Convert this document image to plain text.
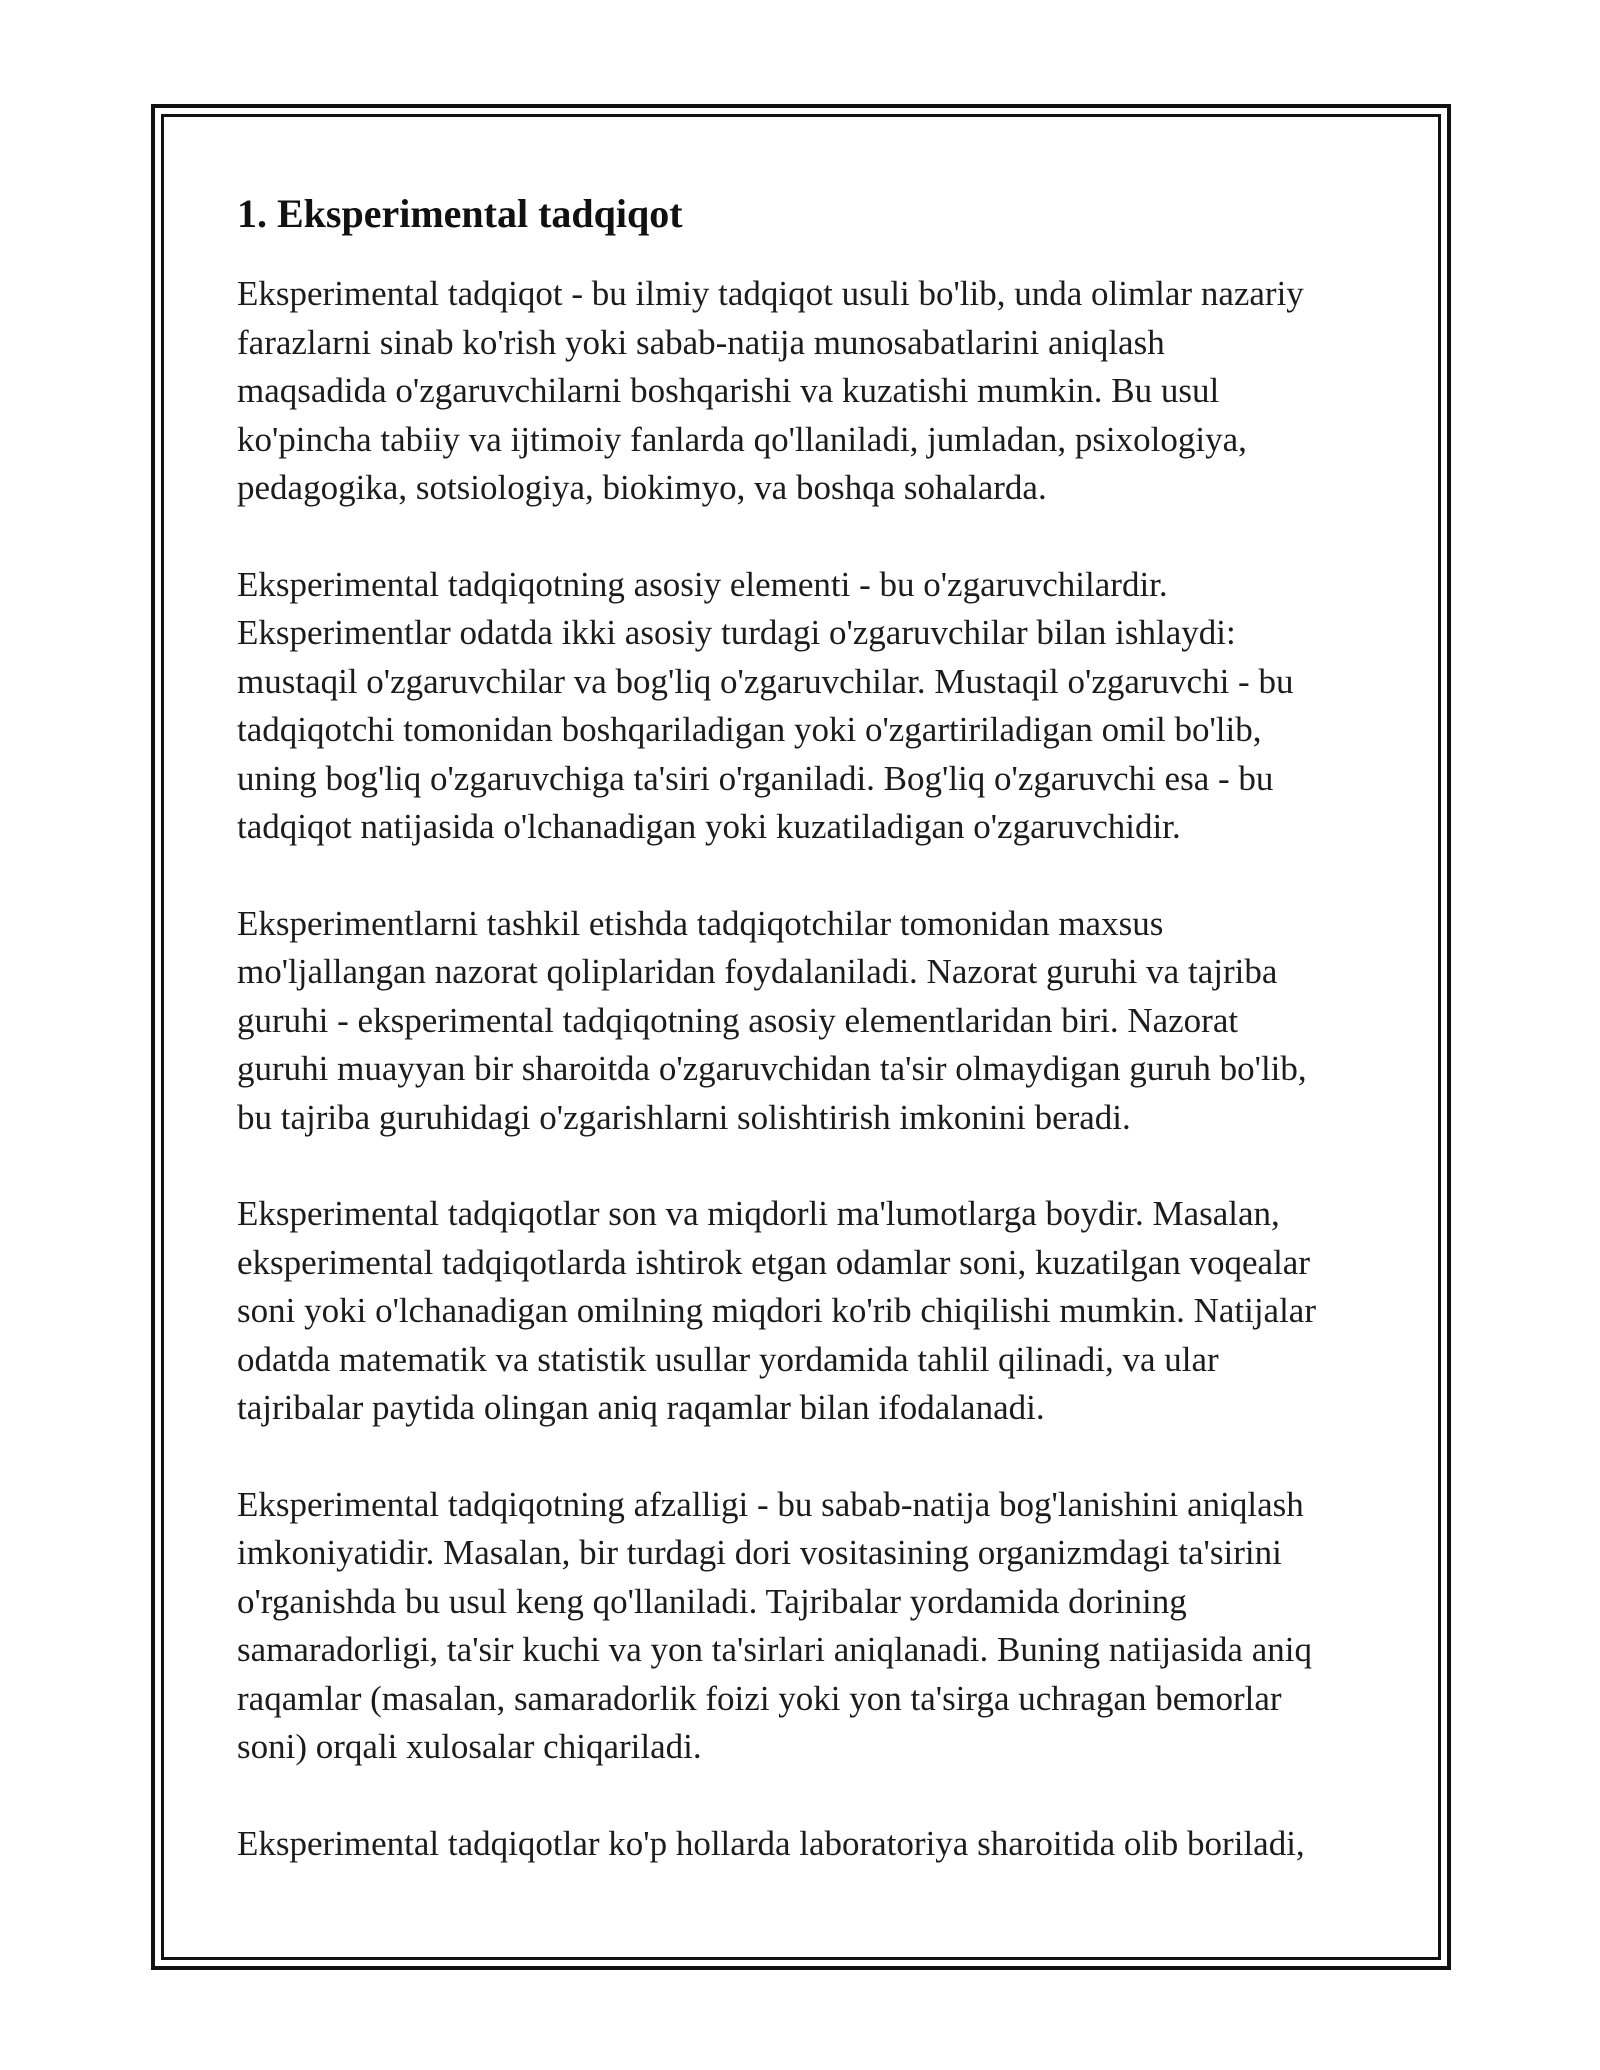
1. Eksperimental tadqiqot

Eksperimental tadqiqot - bu ilmiy tadqiqot usuli bo'lib, unda olimlar nazariy
farazlarni sinab ko'rish yoki sabab-natija munosabatlarini aniqlash
maqsadida o'zgaruvchilarni boshqarishi va kuzatishi mumkin. Bu usul
ko'pincha tabiiy va ijtimoiy fanlarda qo'llaniladi, jumladan, psixologiya,
pedagogika, sotsiologiya, biokimyo, va boshqa sohalarda.

Eksperimental tadqiqotning asosiy elementi - bu o'zgaruvchilardir.
Eksperimentlar odatda ikki asosiy turdagi o'zgaruvchilar bilan ishlaydi:
mustaqil o'zgaruvchilar va bog'liq o'zgaruvchilar. Mustaqil o'zgaruvchi - bu
tadqiqotchi tomonidan boshqariladigan yoki o'zgartiriladigan omil bo'lib,
uning bog'liq o'zgaruvchiga ta'siri o'rganiladi. Bog'liq o'zgaruvchi esa - bu
tadqiqot natijasida o'lchanadigan yoki kuzatiladigan o'zgaruvchidir.

Eksperimentlarni tashkil etishda tadqiqotchilar tomonidan maxsus
mo'ljallangan nazorat qoliplaridan foydalaniladi. Nazorat guruhi va tajriba
guruhi - eksperimental tadqiqotning asosiy elementlaridan biri. Nazorat
guruhi muayyan bir sharoitda o'zgaruvchidan ta'sir olmaydigan guruh bo'lib,
bu tajriba guruhidagi o'zgarishlarni solishtirish imkonini beradi.

Eksperimental tadqiqotlar son va miqdorli ma'lumotlarga boydir. Masalan,
eksperimental tadqiqotlarda ishtirok etgan odamlar soni, kuzatilgan voqealar
soni yoki o'lchanadigan omilning miqdori ko'rib chiqilishi mumkin. Natijalar
odatda matematik va statistik usullar yordamida tahlil qilinadi, va ular
tajribalar paytida olingan aniq raqamlar bilan ifodalanadi.

Eksperimental tadqiqotning afzalligi - bu sabab-natija bog'lanishini aniqlash
imkoniyatidir. Masalan, bir turdagi dori vositasining organizmdagi ta'sirini
o'rganishda bu usul keng qo'llaniladi. Tajribalar yordamida dorining
samaradorligi, ta'sir kuchi va yon ta'sirlari aniqlanadi. Buning natijasida aniq
raqamlar (masalan, samaradorlik foizi yoki yon ta'sirga uchragan bemorlar
soni) orqali xulosalar chiqariladi.

Eksperimental tadqiqotlar ko'p hollarda laboratoriya sharoitida olib boriladi,
